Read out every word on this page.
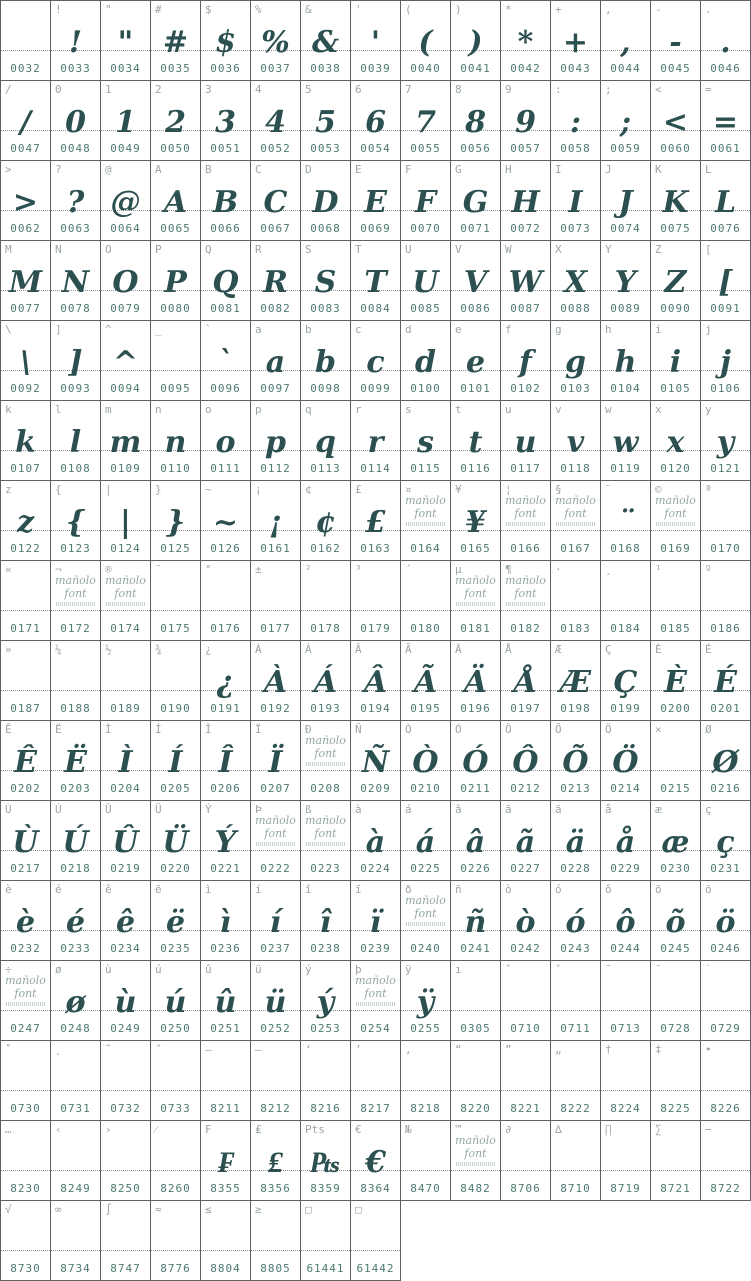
0032
!
!
0033
"
"
0034
#
#
0035
$
$
0036
%
%
0037
&
&
0038
'
'
0039
(
(
0040
)
)
0041
*
*
0042
+
+
0043
,
,
0044
-
-
0045
.
.
0046
/
/
0047
0
0
0048
1
1
0049
2
2
0050
3
3
0051
4
4
0052
5
5
0053
6
6
0054
7
7
0055
8
8
0056
9
9
0057
:
:
0058
;
;
0059
<
<
0060
=
=
0061
>
>
0062
?
?
0063
@
@
0064
A
A
0065
B
B
0066
C
C
0067
D
D
0068
E
E
0069
F
F
0070
G
G
0071
H
H
0072
I
I
0073
J
J
0074
K
K
0075
L
L
0076
M
M
0077
N
N
0078
O
O
0079
P
P
0080
Q
Q
0081
R
R
0082
S
S
0083
T
T
0084
U
U
0085
V
V
0086
W
W
0087
X
X
0088
Y
Y
0089
Z
Z
0090
[
[
0091
\
\
0092
]
]
0093
^
^
0094
_
0095
`
`
0096
a
a
0097
b
b
0098
c
c
0099
d
d
0100
e
e
0101
f
f
0102
g
g
0103
h
h
0104
i
i
0105
j
j
0106
k
k
0107
l
l
0108
m
m
0109
n
n
0110
o
o
0111
p
p
0112
q
q
0113
r
r
0114
s
s
0115
t
t
0116
u
u
0117
v
v
0118
w
w
0119
x
x
0120
y
y
0121
z
z
0122
{
{
0123
|
|
0124
}
}
0125
~
~
0126
¡
¡
0161
¢
¢
0162
£
£
0163
¤
mañolo
font
0164
¥
¥
0165
¦
mañolo
font
0166
§
mañolo
font
0167
¨
¨
0168
©
mañolo
font
0169
ª
0170
«
0171
¬
mañolo
font
0172
®
mañolo
font
0174
¯
0175
°
0176
±
0177
²
0178
³
0179
´
0180
µ
mañolo
font
0181
¶
mañolo
font
0182
·
0183
¸
0184
¹
0185
º
0186
»
0187
¼
0188
½
0189
¾
0190
¿
¿
0191
À
À
0192
Á
Á
0193
Â
Â
0194
Ã
Ã
0195
Ä
Ä
0196
Å
Å
0197
Æ
Æ
0198
Ç
Ç
0199
È
È
0200
É
É
0201
Ê
Ê
0202
Ë
Ë
0203
Ì
Ì
0204
Í
Í
0205
Î
Î
0206
Ï
Ï
0207
Ð
mañolo
font
0208
Ñ
Ñ
0209
Ò
Ò
0210
Ó
Ó
0211
Ô
Ô
0212
Õ
Õ
0213
Ö
Ö
0214
×
0215
Ø
Ø
0216
Ù
Ù
0217
Ú
Ú
0218
Û
Û
0219
Ü
Ü
0220
Ý
Ý
0221
Þ
mañolo
font
0222
ß
mañolo
font
0223
à
à
0224
á
á
0225
â
â
0226
ã
ã
0227
ä
ä
0228
å
å
0229
æ
æ
0230
ç
ç
0231
è
è
0232
é
é
0233
ê
ê
0234
ë
ë
0235
ì
ì
0236
í
í
0237
î
î
0238
ï
ï
0239
ð
mañolo
font
0240
ñ
ñ
0241
ò
ò
0242
ó
ó
0243
ô
ô
0244
õ
õ
0245
ö
ö
0246
÷
mañolo
font
0247
ø
ø
0248
ù
ù
0249
ú
ú
0250
û
û
0251
ü
ü
0252
ý
ý
0253
þ
mañolo
font
0254
ÿ
ÿ
0255
ı
0305
ˆ
0710
ˇ
0711
ˉ
0713
˘
0728
˙
0729
˚
0730
˛
0731
˜
0732
˝
0733
–
8211
—
8212
‘
8216
’
8217
‚
8218
“
8220
”
8221
„
8222
†
8224
‡
8225
•
8226
…
8230
‹
8249
›
8250
⁄
8260
₣
₣
8355
₤
₤
8356
Pts
₧
8359
€
€
8364
№
8470
™
mañolo
font
8482
∂
8706
∆
8710
∏
8719
∑
8721
−
8722
√
8730
∞
8734
∫
8747
≈
8776
≤
8804
≥
8805
□
61441
□
61442
